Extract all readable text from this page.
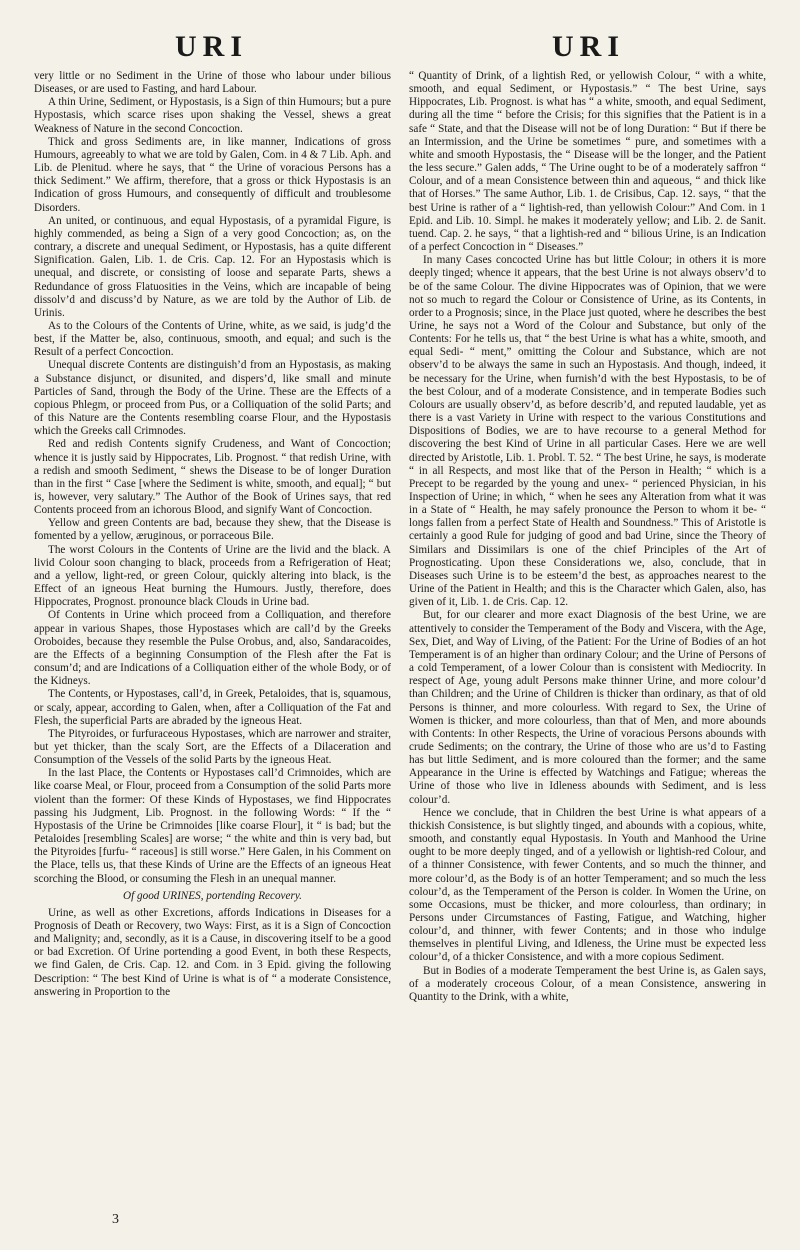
URI	URI

very little or no Sediment in the Urine of those who labour under bilious Diseases, or are used to Fasting, and hard Labour.

A thin Urine, Sediment, or Hypostasis, is a Sign of thin Humours; but a pure Hypostasis, which scarce rises upon shaking the Vessel, shews a great Weakness of Nature in the second Concoction.

Thick and gross Sediments are, in like manner, Indications of gross Humours, agreeably to what we are told by Galen, Com. in 4 & 7 Lib. Aph. and Lib. de Plenitud. where he says, that “ the Urine of voracious Persons has a thick Sediment.” We affirm, therefore, that a gross or thick Hypostasis is an Indication of gross Humours, and consequently of difficult and troublesome Disorders.

An united, or continuous, and equal Hypostasis, of a pyramidal Figure, is highly commended, as being a Sign of a very good Concoction; as, on the contrary, a discrete and unequal Sediment, or Hypostasis, has a quite different Signification. Galen, Lib. 1. de Cris. Cap. 12. For an Hypostasis which is unequal, and discrete, or consisting of loose and separate Parts, shews a Redundance of gross Flatuosities in the Veins, which are incapable of being dissolv’d and discuss’d by Nature, as we are told by the Author of Lib. de Urinis.

As to the Colours of the Contents of Urine, white, as we said, is judg’d the best, if the Matter be, also, continuous, smooth, and equal; and such is the Result of a perfect Concoction.

Unequal discrete Contents are distinguish’d from an Hypostasis, as making a Substance disjunct, or disunited, and dispers’d, like small and minute Particles of Sand, through the Body of the Urine. These are the Effects of a copious Phlegm, or proceed from Pus, or a Colliquation of the solid Parts; and of this Nature are the Contents resembling coarse Flour, and the Hypostasis which the Greeks call Crimnodes.

Red and redish Contents signify Crudeness, and Want of Concoction; whence it is justly said by Hippocrates, Lib. Prognost. “ that redish Urine, with a redish and smooth Sediment, “ shews the Disease to be of longer Duration than in the first “ Case [where the Sediment is white, smooth, and equal]; “ but is, however, very salutary.” The Author of the Book of Urines says, that red Contents proceed from an ichorous Blood, and signify Want of Concoction.

Yellow and green Contents are bad, because they shew, that the Disease is fomented by a yellow, æruginous, or porraceous Bile.

The worst Colours in the Contents of Urine are the livid and the black. A livid Colour soon changing to black, proceeds from a Refrigeration of Heat; and a yellow, light-red, or green Colour, quickly altering into black, is the Effect of an igneous Heat burning the Humours. Justly, therefore, does Hippocrates, Prognost. pronounce black Clouds in Urine bad.

Of Contents in Urine which proceed from a Colliquation, and therefore appear in various Shapes, those Hypostases which are call’d by the Greeks Oroboides, because they resemble the Pulse Orobus, and, also, Sandaracoides, are the Effects of a beginning Consumption of the Flesh after the Fat is consum’d; and are Indications of a Colliquation either of the whole Body, or of the Kidneys.

The Contents, or Hypostases, call’d, in Greek, Petaloides, that is, squamous, or scaly, appear, according to Galen, when, after a Colliquation of the Fat and Flesh, the superficial Parts are abraded by the igneous Heat.

The Pityroides, or furfuraceous Hypostases, which are narrower and straiter, but yet thicker, than the scaly Sort, are the Effects of a Dilaceration and Consumption of the Vessels of the solid Parts by the igneous Heat.

In the last Place, the Contents or Hypostases call’d Crimnoides, which are like coarse Meal, or Flour, proceed from a Consumption of the solid Parts more violent than the former: Of these Kinds of Hypostases, we find Hippocrates passing his Judgment, Lib. Prognost. in the following Words: “ If the “ Hypostasis of the Urine be Crimnoides [like coarse Flour], it “ is bad; but the Petaloides [resembling Scales] are worse; “ the white and thin is very bad, but the Pityroides [furfu- “ raceous] is still worse.” Here Galen, in his Comment on the Place, tells us, that these Kinds of Urine are the Effects of an igneous Heat scorching the Blood, or consuming the Flesh in an unequal manner.

Of good URINES, portending Recovery.

Urine, as well as other Excretions, affords Indications in Diseases for a Prognosis of Death or Recovery, two Ways: First, as it is a Sign of Concoction and Malignity; and, secondly, as it is a Cause, in discovering itself to be a good or bad Excretion. Of Urine portending a good Event, in both these Respects, we find Galen, de Cris. Cap. 12. and Com. in 3 Epid. giving the following Description: “ The best Kind of Urine is what is of “ a moderate Consistence, answering in Proportion to the

“ Quantity of Drink, of a lightish Red, or yellowish Colour, “ with a white, smooth, and equal Sediment, or Hypostasis.” “ The best Urine, says Hippocrates, Lib. Prognost. is what has “ a white, smooth, and equal Sediment, during all the time “ before the Crisis; for this signifies that the Patient is in a safe “ State, and that the Disease will not be of long Duration: “ But if there be an Intermission, and the Urine be sometimes “ pure, and sometimes with a white and smooth Hypostasis, the “ Disease will be the longer, and the Patient the less secure.” Galen adds, “ The Urine ought to be of a moderately saffron “ Colour, and of a mean Consistence between thin and aqueous, “ and thick like that of Horses.” The same Author, Lib. 1. de Crisibus, Cap. 12. says, “ that the best Urine is rather of a “ lightish-red, than yellowish Colour:” And Com. in 1 Epid. and Lib. 10. Simpl. he makes it moderately yellow; and Lib. 2. de Sanit. tuend. Cap. 2. he says, “ that a lightish-red and “ bilious Urine, is an Indication of a perfect Concoction in “ Diseases.”

In many Cases concocted Urine has but little Colour; in others it is more deeply tinged; whence it appears, that the best Urine is not always observ’d to be of the same Colour. The divine Hippocrates was of Opinion, that we were not so much to regard the Colour or Consistence of Urine, as its Contents, in order to a Prognosis; since, in the Place just quoted, where he describes the best Urine, he says not a Word of the Colour and Substance, but only of the Contents: For he tells us, that “ the best Urine is what has a white, smooth, and equal Sedi- “ ment,” omitting the Colour and Substance, which are not observ’d to be always the same in such an Hypostasis. And though, indeed, it be necessary for the Urine, when furnish’d with the best Hypostasis, to be of the best Colour, and of a moderate Consistence, and in temperate Bodies such Colours are usually observ’d, as before describ’d, and reputed laudable, yet as there is a vast Variety in Urine with respect to the various Constitutions and Dispositions of Bodies, we are to have recourse to a general Method for discovering the best Kind of Urine in all particular Cases. Here we are well directed by Aristotle, Lib. 1. Probl. T. 52. “ The best Urine, he says, is moderate “ in all Respects, and most like that of the Person in Health; “ which is a Precept to be regarded by the young and unex- “ perienced Physician, in his Inspection of Urine; in which, “ when he sees any Alteration from what it was in a State of “ Health, he may safely pronounce the Person to whom it be- “ longs fallen from a perfect State of Health and Soundness.” This of Aristotle is certainly a good Rule for judging of good and bad Urine, since the Theory of Similars and Dissimilars is one of the chief Principles of the Art of Prognosticating. Upon these Considerations we, also, conclude, that in Diseases such Urine is to be esteem’d the best, as approaches nearest to the Urine of the Patient in Health; and this is the Character which Galen, also, has given of it, Lib. 1. de Cris. Cap. 12.

But, for our clearer and more exact Diagnosis of the best Urine, we are attentively to consider the Temperament of the Body and Viscera, with the Age, Sex, Diet, and Way of Living, of the Patient: For the Urine of Bodies of an hot Temperament is of an higher than ordinary Colour; and the Urine of Persons of a cold Temperament, of a lower Colour than is consistent with Mediocrity. In respect of Age, young adult Persons make thinner Urine, and more colour’d than Children; and the Urine of Children is thicker than ordinary, as that of old Persons is thinner, and more colourless. With regard to Sex, the Urine of Women is thicker, and more colourless, than that of Men, and more abounds with Contents: In other Respects, the Urine of voracious Persons abounds with crude Sediments; on the contrary, the Urine of those who are us’d to Fasting has but little Sediment, and is more coloured than the former; and the same Appearance in the Urine is effected by Watchings and Fatigue; whereas the Urine of those who live in Idleness abounds with Sediment, and is less colour’d.

Hence we conclude, that in Children the best Urine is what appears of a thickish Consistence, is but slightly tinged, and abounds with a copious, white, smooth, and constantly equal Hypostasis. In Youth and Manhood the Urine ought to be more deeply tinged, and of a yellowish or lightish-red Colour, and of a thinner Consistence, with fewer Contents, and so much the thinner, and more colour’d, as the Body is of an hotter Temperament; and so much the less colour’d, as the Temperament of the Person is colder. In Women the Urine, on some Occasions, must be thicker, and more colourless, than ordinary; in Persons under Circumstances of Fasting, Fatigue, and Watching, higher colour’d, and thinner, with fewer Contents; and in those who indulge themselves in plentiful Living, and Idleness, the Urine must be expected less colour’d, of a thicker Consistence, and with a more copious Sediment.

But in Bodies of a moderate Temperament the best Urine is, as Galen says, of a moderately croceous Colour, of a mean Consistence, answering in Quantity to the Drink, with a white,

3
